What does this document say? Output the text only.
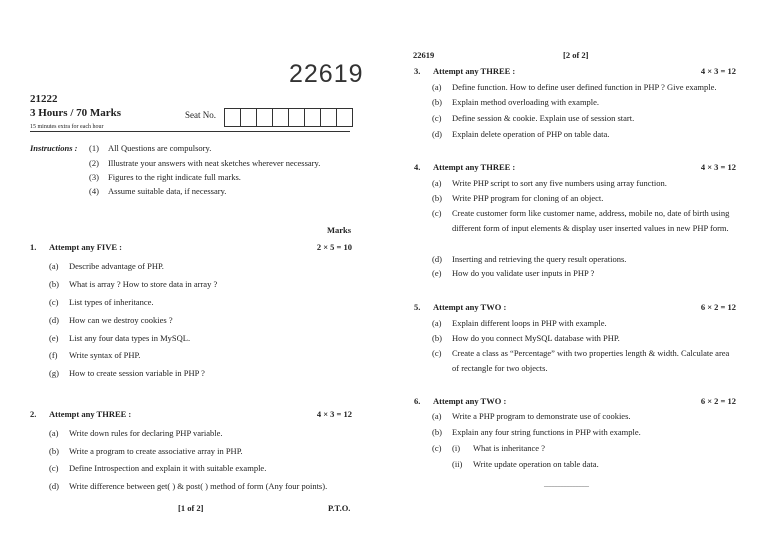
22619
21222
3 Hours / 70 Marks	Seat No.
15 minutes extra for each hour
Instructions : (1) All Questions are compulsory.
(2) Illustrate your answers with neat sketches wherever necessary.
(3) Figures to the right indicate full marks.
(4) Assume suitable data, if necessary.
Marks
1. Attempt any FIVE :	2 × 5 = 10
(a) Describe advantage of PHP.
(b) What is array ? How to store data in array ?
(c) List types of inheritance.
(d) How can we destroy cookies ?
(e) List any four data types in MySQL.
(f) Write syntax of PHP.
(g) How to create session variable in PHP ?
2. Attempt any THREE :	4 × 3 = 12
(a) Write down rules for declaring PHP variable.
(b) Write a program to create associative array in PHP.
(c) Define Introspection and explain it with suitable example.
(d) Write difference between get( ) & post( ) method of form (Any four points).
[1 of 2]	P.T.O.
22619	[2 of 2]
3. Attempt any THREE :	4 × 3 = 12
(a) Define function. How to define user defined function in PHP ? Give example.
(b) Explain method overloading with example.
(c) Define session & cookie. Explain use of session start.
(d) Explain delete operation of PHP on table data.
4. Attempt any THREE :	4 × 3 = 12
(a) Write PHP script to sort any five numbers using array function.
(b) Write PHP program for cloning of an object.
(c) Create customer form like customer name, address, mobile no, date of birth using different form of input elements & display user inserted values in new PHP form.
(d) Inserting and retrieving the query result operations.
(e) How do you validate user inputs in PHP ?
5. Attempt any TWO :	6 × 2 = 12
(a) Explain different loops in PHP with example.
(b) How do you connect MySQL database with PHP.
(c) Create a class as “Percentage” with two properties length & width. Calculate area of rectangle for two objects.
6. Attempt any TWO :	6 × 2 = 12
(a) Write a PHP program to demonstrate use of cookies.
(b) Explain any four string functions in PHP with example.
(c) (i) What is inheritance ?
(ii) Write update operation on table data.
_______________
